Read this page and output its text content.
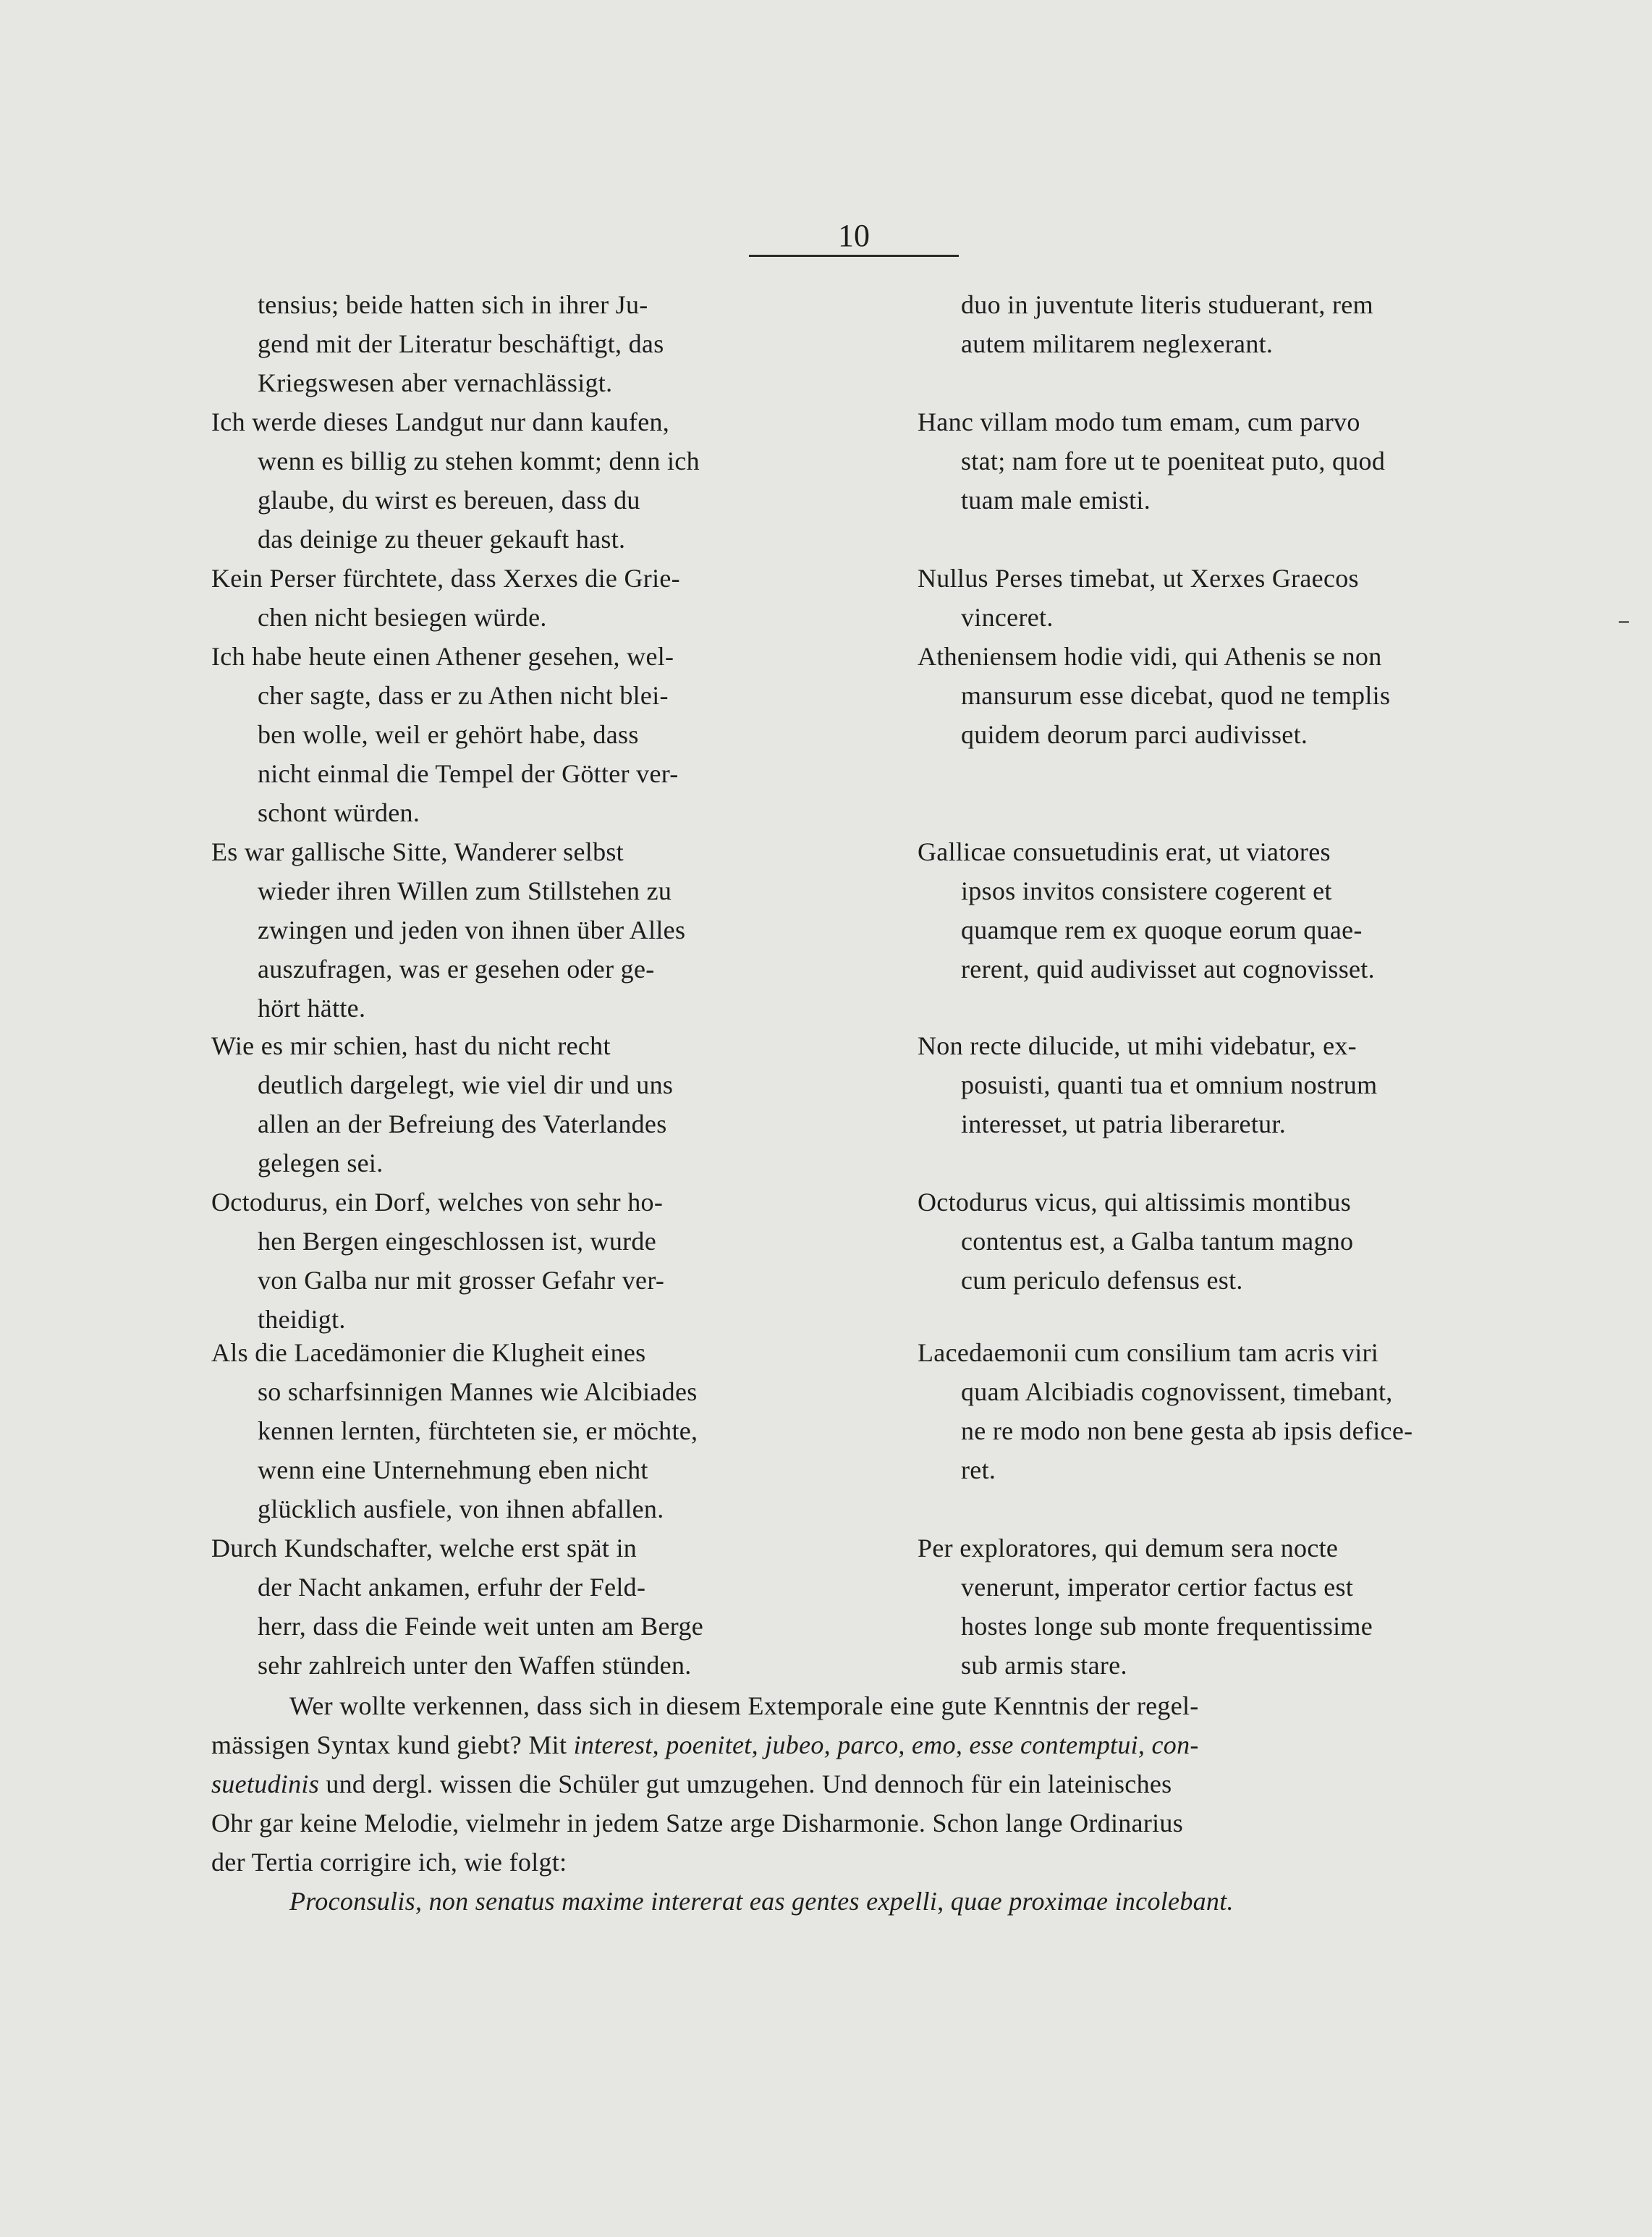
10
tensius; beide hatten sich in ihrer Ju-
gend mit der Literatur beschäftigt, das
Kriegswesen aber vernachlässigt.
duo in juventute literis studuerant, rem
autem militarem neglexerant.
Ich werde dieses Landgut nur dann kaufen,
wenn es billig zu stehen kommt; denn ich
glaube, du wirst es bereuen, dass du
das deinige zu theuer gekauft hast.
Hanc villam modo tum emam, cum parvo
stat; nam fore ut te poeniteat puto, quod
tuam male emisti.
Kein Perser fürchtete, dass Xerxes die Grie-
chen nicht besiegen würde.
Nullus Perses timebat, ut Xerxes Graecos
vinceret.
Ich habe heute einen Athener gesehen, wel-
cher sagte, dass er zu Athen nicht blei-
ben wolle, weil er gehört habe, dass
nicht einmal die Tempel der Götter ver-
schont würden.
Atheniensem hodie vidi, qui Athenis se non
mansurum esse dicebat, quod ne templis
quidem deorum parci audivisset.
Es war gallische Sitte, Wanderer selbst
wieder ihren Willen zum Stillstehen zu
zwingen und jeden von ihnen über Alles
auszufragen, was er gesehen oder ge-
hört hätte.
Gallicae consuetudinis erat, ut viatores
ipsos invitos consistere cogerent et
quamque rem ex quoque eorum quae-
rerent, quid audivisset aut cognovisset.
Wie es mir schien, hast du nicht recht
deutlich dargelegt, wie viel dir und uns
allen an der Befreiung des Vaterlandes
gelegen sei.
Non recte dilucide, ut mihi videbatur, ex-
posuisti, quanti tua et omnium nostrum
interesset, ut patria liberaretur.
Octodurus, ein Dorf, welches von sehr ho-
hen Bergen eingeschlossen ist, wurde
von Galba nur mit grosser Gefahr ver-
theidigt.
Octodurus vicus, qui altissimis montibus
contentus est, a Galba tantum magno
cum periculo defensus est.
Als die Lacedämonier die Klugheit eines
so scharfsinnigen Mannes wie Alcibiades
kennen lernten, fürchteten sie, er möchte,
wenn eine Unternehmung eben nicht
glücklich ausfiele, von ihnen abfallen.
Lacedaemonii cum consilium tam acris viri
quam Alcibiadis cognovissent, timebant,
ne re modo non bene gesta ab ipsis defice-
ret.
Durch Kundschafter, welche erst spät in
der Nacht ankamen, erfuhr der Feld-
herr, dass die Feinde weit unten am Berge
sehr zahlreich unter den Waffen stünden.
Per exploratores, qui demum sera nocte
venerunt, imperator certior factus est
hostes longe sub monte frequentissime
sub armis stare.
Wer wollte verkennen, dass sich in diesem Extemporale eine gute Kenntnis der regel-
mässigen Syntax kund giebt? Mit interest, poenitet, jubeo, parco, emo, esse contemptui, con-
suetudinis und dergl. wissen die Schüler gut umzugehen. Und dennoch für ein lateinisches
Ohr gar keine Melodie, vielmehr in jedem Satze arge Disharmonie. Schon lange Ordinarius
der Tertia corrigire ich, wie folgt:
Proconsulis, non senatus maxime intererat eas gentes expelli, quae proximae incolebant.
